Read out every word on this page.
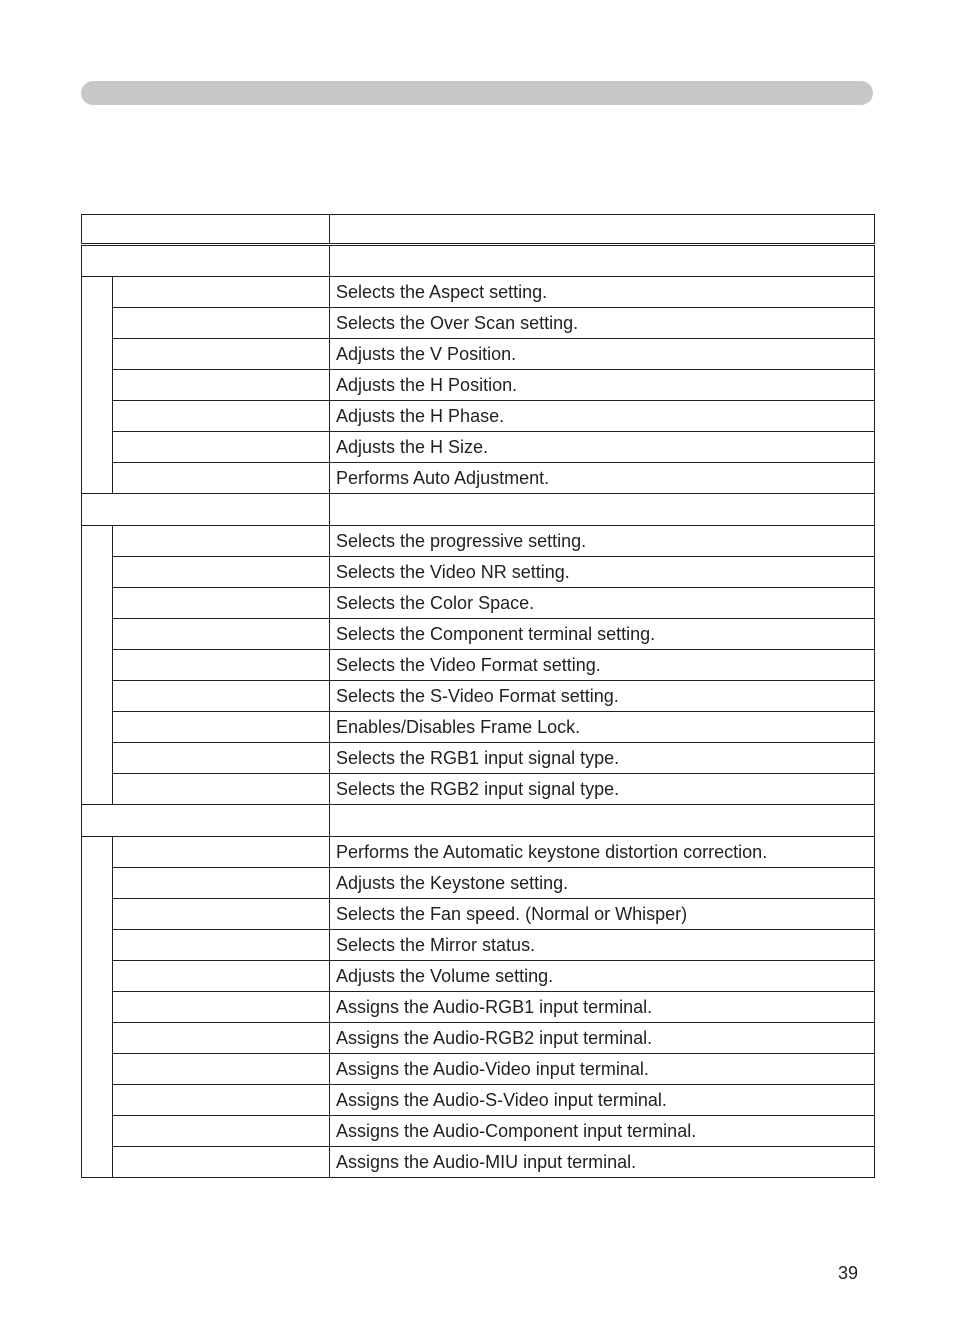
		Selects the Aspect setting.
		Selects the Over Scan setting.
		Adjusts the V Position.
		Adjusts the H Position.
		Adjusts the H Phase.
		Adjusts the H Size.
		Performs Auto Adjustment.

		Selects the progressive setting.
		Selects the Video NR setting.
		Selects the Color Space.
		Selects the Component terminal setting.
		Selects the Video Format setting.
		Selects the S-Video Format setting.
		Enables/Disables Frame Lock.
		Selects the RGB1 input signal type.
		Selects the RGB2 input signal type.

		Performs the Automatic keystone distortion correction.
		Adjusts the Keystone setting.
		Selects the Fan speed. (Normal or Whisper)
		Selects the Mirror status.
		Adjusts the Volume setting.
		Assigns the Audio-RGB1 input terminal.
		Assigns the Audio-RGB2 input terminal.
		Assigns the Audio-Video input terminal.
		Assigns the Audio-S-Video input terminal.
		Assigns the Audio-Component input terminal.
		Assigns the Audio-MIU input terminal.
39
